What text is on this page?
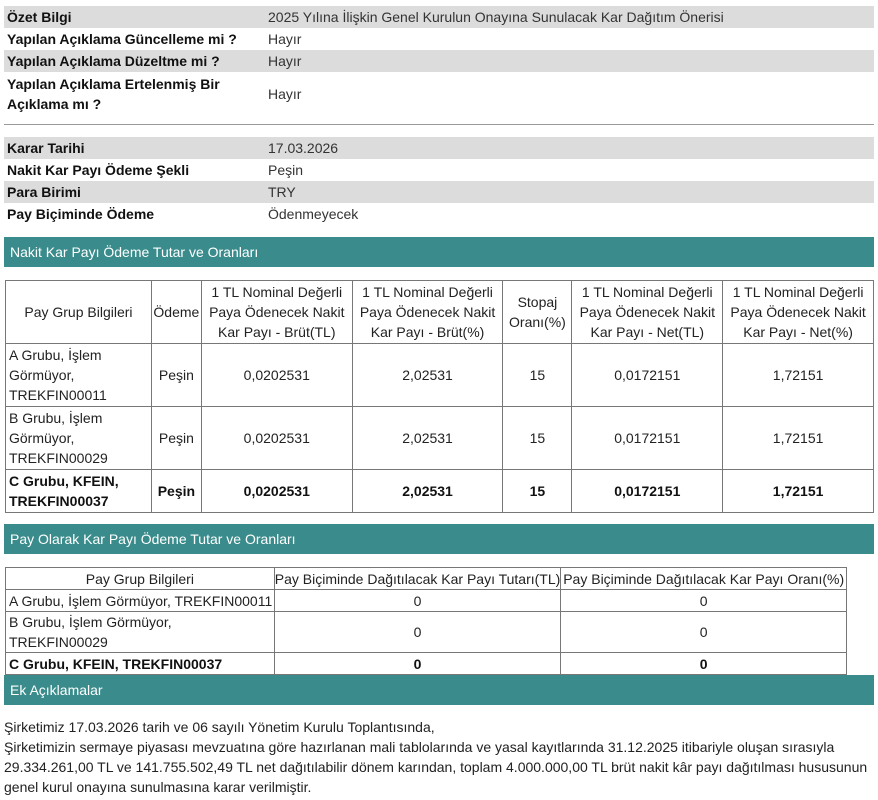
Özet Bilgi	2025 Yılına İlişkin Genel Kurulun Onayına Sunulacak Kar Dağıtım Önerisi
Yapılan Açıklama Güncelleme mi ?	Hayır
Yapılan Açıklama Düzeltme mi ?	Hayır
Yapılan Açıklama Ertelenmiş Bir Açıklama mı ?	Hayır
Karar Tarihi	17.03.2026
Nakit Kar Payı Ödeme Şekli	Peşin
Para Birimi	TRY
Pay Biçiminde Ödeme	Ödenmeyecek
Nakit Kar Payı Ödeme Tutar ve Oranları
Pay Grup Bilgileri	Ödeme	1 TL Nominal Değerli Paya Ödenecek Nakit Kar Payı - Brüt(TL)	1 TL Nominal Değerli Paya Ödenecek Nakit Kar Payı - Brüt(%)	Stopaj Oranı(%)	1 TL Nominal Değerli Paya Ödenecek Nakit Kar Payı - Net(TL)	1 TL Nominal Değerli Paya Ödenecek Nakit Kar Payı - Net(%)
A Grubu, İşlem Görmüyor, TREKFIN00011	Peşin	0,0202531	2,02531	15	0,0172151	1,72151
B Grubu, İşlem Görmüyor, TREKFIN00029	Peşin	0,0202531	2,02531	15	0,0172151	1,72151
C Grubu, KFEIN, TREKFIN00037	Peşin	0,0202531	2,02531	15	0,0172151	1,72151
Pay Olarak Kar Payı Ödeme Tutar ve Oranları
Pay Grup Bilgileri	Pay Biçiminde Dağıtılacak Kar Payı Tutarı(TL)	Pay Biçiminde Dağıtılacak Kar Payı Oranı(%)
A Grubu, İşlem Görmüyor, TREKFIN00011	0	0
B Grubu, İşlem Görmüyor, TREKFIN00029	0	0
C Grubu, KFEIN, TREKFIN00037	0	0
Ek Açıklamalar
Şirketimiz 17.03.2026 tarih ve 06 sayılı Yönetim Kurulu Toplantısında,
Şirketimizin sermaye piyasası mevzuatına göre hazırlanan mali tablolarında ve yasal kayıtlarında 31.12.2025 itibariyle oluşan sırasıyla 29.334.261,00 TL ve 141.755.502,49 TL net dağıtılabilir dönem karından, toplam 4.000.000,00 TL brüt nakit kâr payı dağıtılması hususunun genel kurul onayına sunulmasına karar verilmiştir.
